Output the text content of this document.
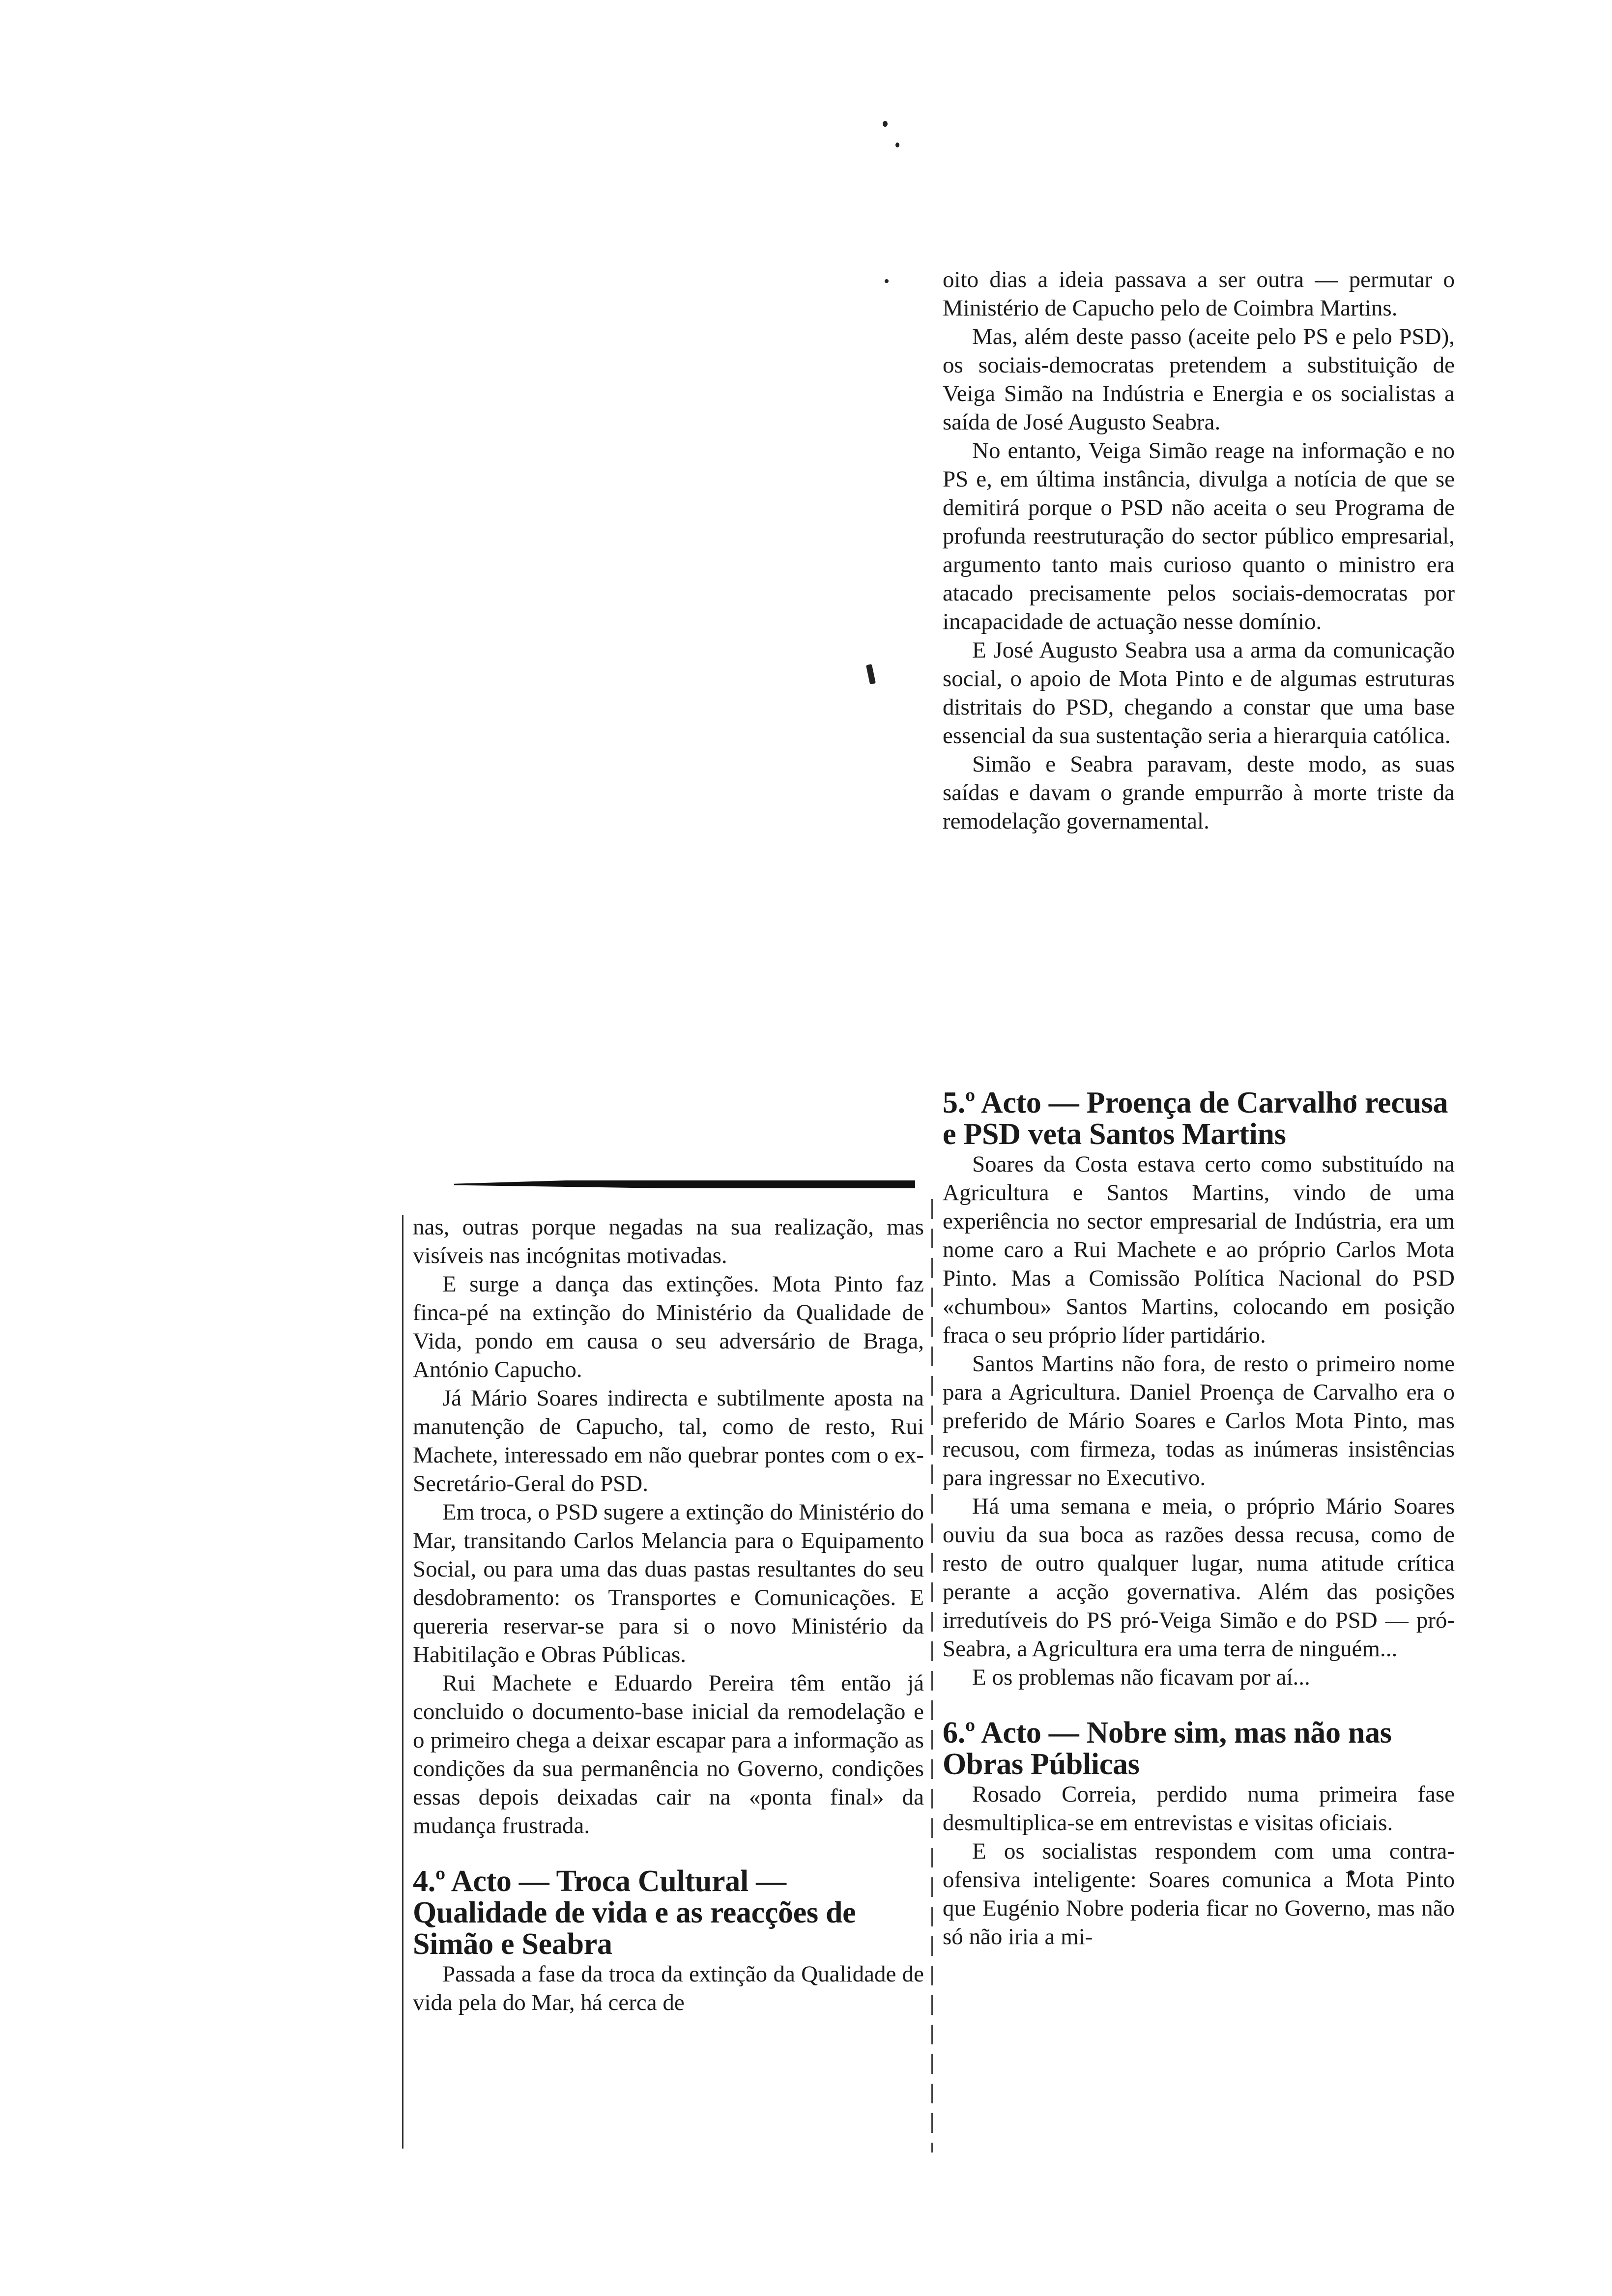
oito dias a ideia passava a ser outra — permutar o Ministério de Capucho pelo de Coimbra Martins.

Mas, além deste passo (aceite pelo PS e pelo PSD), os sociais-democratas pretendem a substituição de Veiga Simão na Indústria e Energia e os socialistas a saída de José Augusto Seabra.

No entanto, Veiga Simão reage na informação e no PS e, em última instância, divulga a notícia de que se demitirá porque o PSD não aceita o seu Programa de profunda reestruturação do sector público empresarial, argumento tanto mais curioso quanto o ministro era atacado precisamente pelos sociais-democratas por incapacidade de actuação nesse domínio.

E José Augusto Seabra usa a arma da comunicação social, o apoio de Mota Pinto e de algumas estruturas distritais do PSD, chegando a constar que uma base essencial da sua sustentação seria a hierarquia católica.

Simão e Seabra paravam, deste modo, as suas saídas e davam o grande empurrão à morte triste da remodelação governamental.

5.º Acto — Proença de Carvalho recusa e PSD veta Santos Martins

Soares da Costa estava certo como substituído na Agricultura e Santos Martins, vindo de uma experiência no sector empresarial de Indústria, era um nome caro a Rui Machete e ao próprio Carlos Mota Pinto. Mas a Comissão Política Nacional do PSD «chumbou» Santos Martins, colocando em posição fraca o seu próprio líder partidário.

Santos Martins não fora, de resto o primeiro nome para a Agricultura. Daniel Proença de Carvalho era o preferido de Mário Soares e Carlos Mota Pinto, mas recusou, com firmeza, todas as inúmeras insistências para ingressar no Executivo.

Há uma semana e meia, o próprio Mário Soares ouviu da sua boca as razões dessa recusa, como de resto de outro qualquer lugar, numa atitude crítica perante a acção governativa. Além das posições irredutíveis do PS pró-Veiga Simão e do PSD — pró-Seabra, a Agricultura era uma terra de ninguém...

E os problemas não ficavam por aí...

6.º Acto — Nobre sim, mas não nas Obras Públicas

Rosado Correia, perdido numa primeira fase desmultiplica-se em entrevistas e visitas oficiais.

E os socialistas respondem com uma contra-ofensiva inteligente: Soares comunica a Mota Pinto que Eugénio Nobre poderia ficar no Governo, mas não só não iria a mi-

nas, outras porque negadas na sua realização, mas visíveis nas incógnitas motivadas.

E surge a dança das extinções. Mota Pinto faz finca-pé na extinção do Ministério da Qualidade de Vida, pondo em causa o seu adversário de Braga, António Capucho.

Já Mário Soares indirecta e subtilmente aposta na manutenção de Capucho, tal, como de resto, Rui Machete, interessado em não quebrar pontes com o ex-Secretário-Geral do PSD.

Em troca, o PSD sugere a extinção do Ministério do Mar, transitando Carlos Melancia para o Equipamento Social, ou para uma das duas pastas resultantes do seu desdobramento: os Transportes e Comunicações. E quereria reservar-se para si o novo Ministério da Habitilação e Obras Públicas.

Rui Machete e Eduardo Pereira têm então já concluido o documento-base inicial da remodelação e o primeiro chega a deixar escapar para a informação as condições da sua permanência no Governo, condições essas depois deixadas cair na «ponta final» da mudança frustrada.

4.º Acto — Troca Cultural — Qualidade de vida e as reacções de Simão e Seabra

Passada a fase da troca da extinção da Qualidade de vida pela do Mar, há cerca de
